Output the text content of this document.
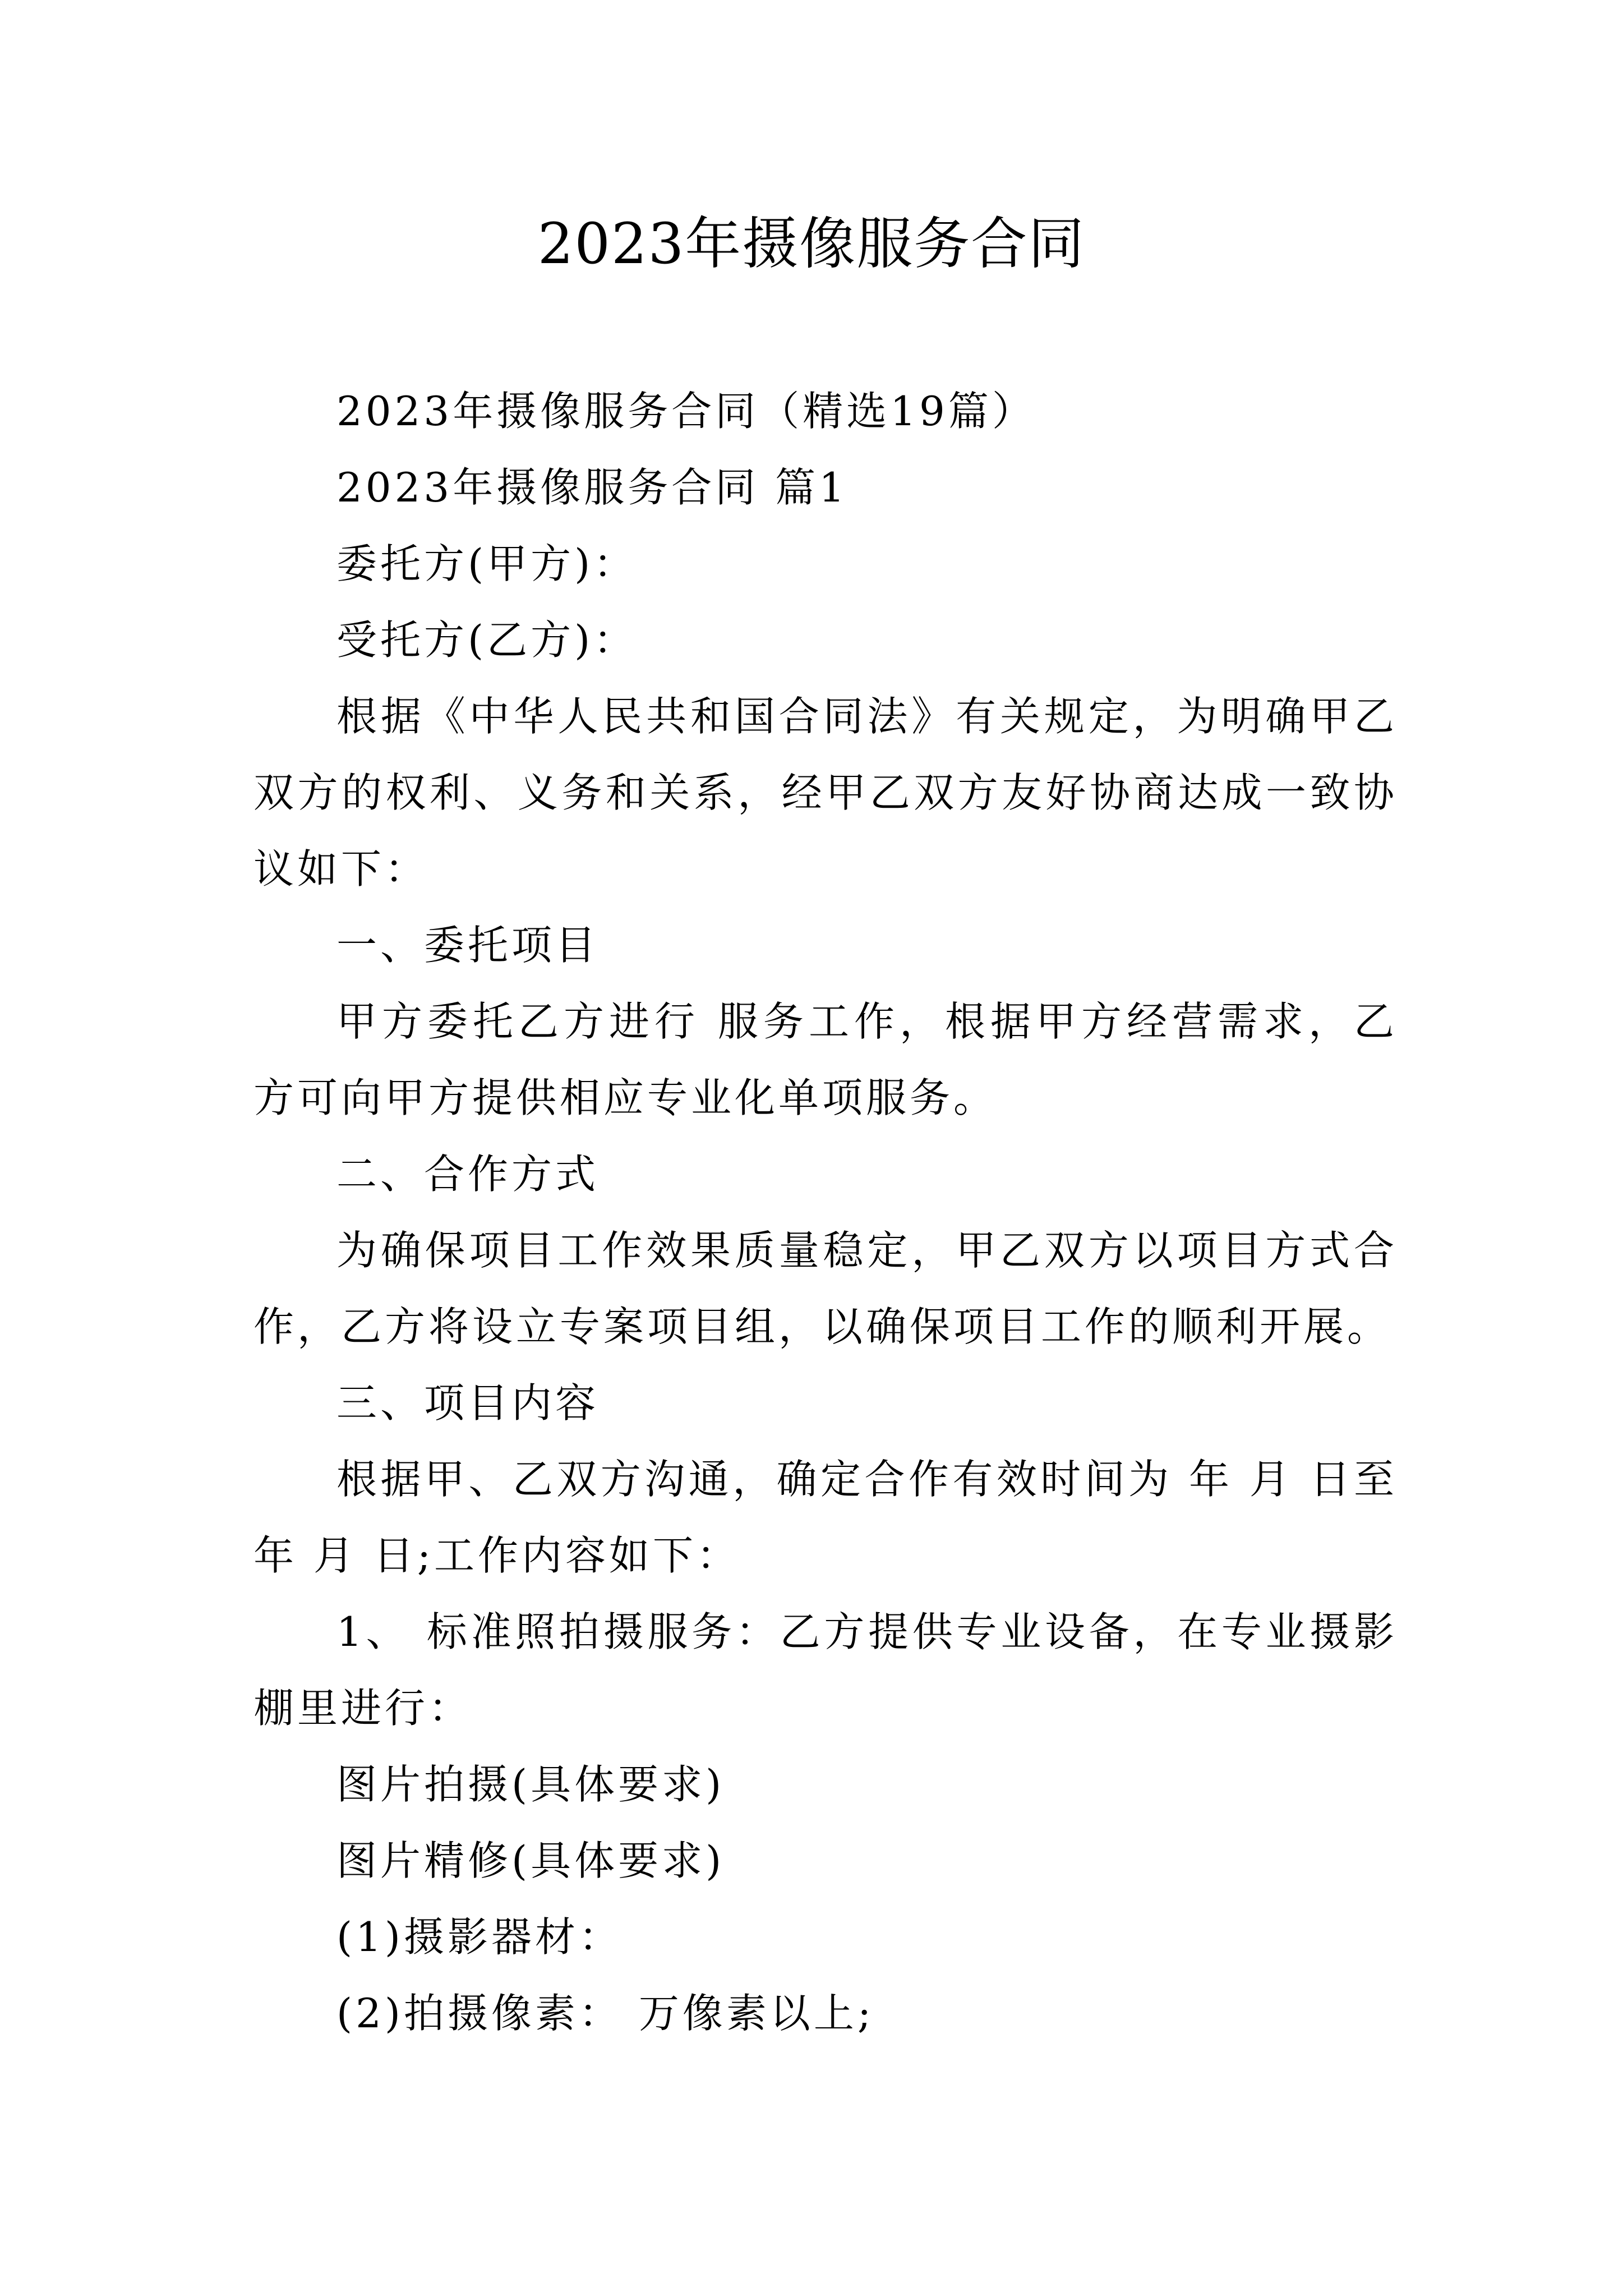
2023年摄像服务合同

2023年摄像服务合同（精选19篇）

2023年摄像服务合同 篇1

委托方(甲方)：

受托方(乙方)：

根据《中华人民共和国合同法》有关规定，为明确甲乙双方的权利、义务和关系，经甲乙双方友好协商达成一致协议如下：

一、委托项目

甲方委托乙方进行 服务工作，根据甲方经营需求，乙方可向甲方提供相应专业化单项服务。

二、合作方式

为确保项目工作效果质量稳定，甲乙双方以项目方式合作，乙方将设立专案项目组，以确保项目工作的顺利开展。

三、项目内容

根据甲、乙双方沟通，确定合作有效时间为 年 月 日至 年 月 日;工作内容如下：

1、 标准照拍摄服务：乙方提供专业设备，在专业摄影棚里进行：

图片拍摄(具体要求)

图片精修(具体要求)

(1)摄影器材：

(2)拍摄像素： 万像素以上;
